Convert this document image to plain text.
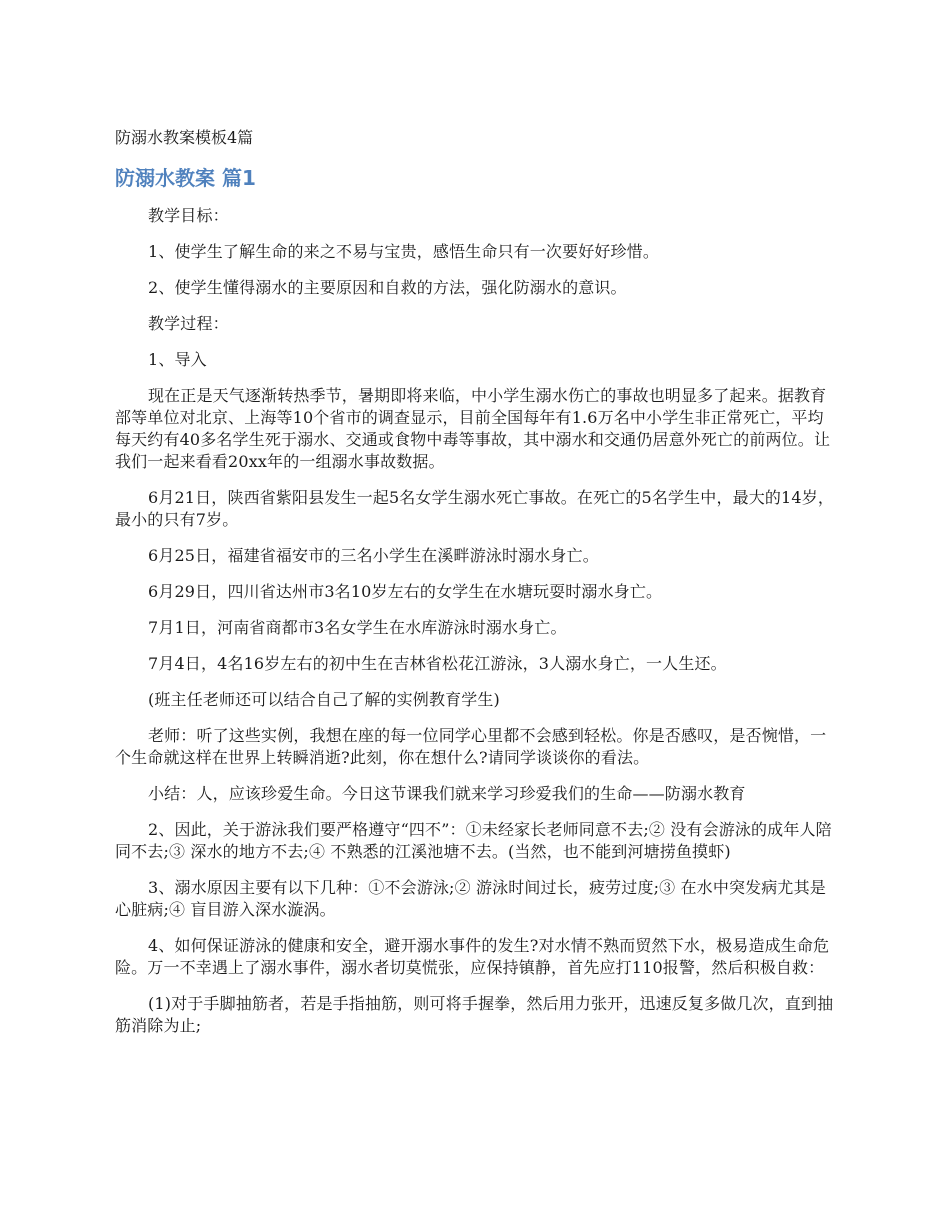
防溺水教案模板4篇

防溺水教案 篇1

教学目标：

1、使学生了解生命的来之不易与宝贵，感悟生命只有一次要好好珍惜。

2、使学生懂得溺水的主要原因和自救的方法，强化防溺水的意识。

教学过程：

1、导入

现在正是天气逐渐转热季节，暑期即将来临，中小学生溺水伤亡的事故也明显多了起来。据教育部等单位对北京、上海等10个省市的调查显示，目前全国每年有1.6万名中小学生非正常死亡，平均每天约有40多名学生死于溺水、交通或食物中毒等事故，其中溺水和交通仍居意外死亡的前两位。让我们一起来看看20xx年的一组溺水事故数据。

6月21日，陕西省紫阳县发生一起5名女学生溺水死亡事故。在死亡的5名学生中，最大的14岁，最小的只有7岁。

6月25日，福建省福安市的三名小学生在溪畔游泳时溺水身亡。

6月29日，四川省达州市3名10岁左右的女学生在水塘玩耍时溺水身亡。

7月1日，河南省商都市3名女学生在水库游泳时溺水身亡。

7月4日，4名16岁左右的初中生在吉林省松花江游泳，3人溺水身亡，一人生还。

(班主任老师还可以结合自己了解的实例教育学生)

老师：听了这些实例，我想在座的每一位同学心里都不会感到轻松。你是否感叹，是否惋惜，一个生命就这样在世界上转瞬消逝?此刻，你在想什么?请同学谈谈你的看法。

小结：人，应该珍爱生命。今日这节课我们就来学习珍爱我们的生命——防溺水教育

2、因此，关于游泳我们要严格遵守“四不”：①未经家长老师同意不去;② 没有会游泳的成年人陪同不去;③ 深水的地方不去;④ 不熟悉的江溪池塘不去。(当然，也不能到河塘捞鱼摸虾)

3、溺水原因主要有以下几种：①不会游泳;② 游泳时间过长，疲劳过度;③ 在水中突发病尤其是心脏病;④ 盲目游入深水漩涡。

4、如何保证游泳的健康和安全，避开溺水事件的发生?对水情不熟而贸然下水，极易造成生命危险。万一不幸遇上了溺水事件，溺水者切莫慌张，应保持镇静，首先应打110报警，然后积极自救：

(1)对于手脚抽筋者，若是手指抽筋，则可将手握拳，然后用力张开，迅速反复多做几次，直到抽筋消除为止;
